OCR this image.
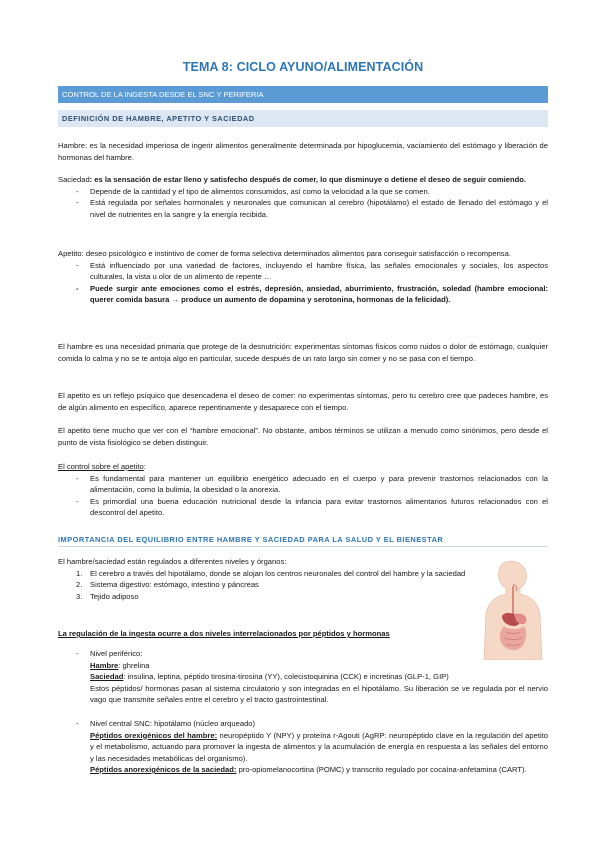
TEMA 8: CICLO AYUNO/ALIMENTACIÓN
CONTROL DE LA INGESTA DESDE EL SNC Y PERIFERIA
DEFINICIÓN DE HAMBRE, APETITO Y SACIEDAD
Hambre: es la necesidad imperiosa de ingerir alimentos generalmente determinada por hipoglucemia, vaciamiento del estómago y liberación de hormonas del hambre.
Saciedad: es la sensación de estar lleno y satisfecho después de comer, lo que disminuye o detiene el deseo de seguir comiendo.
- Depende de la cantidad y el tipo de alimentos consumidos, así como la velocidad a la que se comen.
- Está regulada por señales hormonales y neuronales que comunican al cerebro (hipotálamo) el estado de llenado del estómago y el nivel de nutrientes en la sangre y la energía recibida.
Apetito: deseo psicológico e instintivo de comer de forma selectiva determinados alimentos para conseguir satisfacción o recompensa.
- Está influenciado por una variedad de factores, incluyendo el hambre física, las señales emocionales y sociales, los aspectos culturales, la vista u olor de un alimento de repente …
- Puede surgir ante emociones como el estrés, depresión, ansiedad, aburrimiento, frustración, soledad (hambre emocional: querer comida basura → produce un aumento de dopamina y serotonina, hormonas de la felicidad).
El hambre es una necesidad primaria que protege de la desnutrición: experimentas síntomas físicos como ruidos o dolor de estómago, cualquier comida lo calma y no se te antoja algo en particular, sucede después de un rato largo sin comer y no se pasa con el tiempo.
El apetito es un reflejo psíquico que desencadena el deseo de comer: no experimentas síntomas, pero tu cerebro cree que padeces hambre, es de algún alimento en específico, aparece repentinamente y desaparece con el tiempo.
El apetito tiene mucho que ver con el “hambre emocional”. No obstante, ambos términos se utilizan a menudo como sinónimos, pero desde el punto de vista fisiológico se deben distinguir.
El control sobre el apetito:
- Es fundamental para mantener un equilibrio energético adecuado en el cuerpo y para prevenir trastornos relacionados con la alimentación, como la bulimia, la obesidad o la anorexia.
- Es primordial una buena educación nutricional desde la infancia para evitar trastornos alimentarios futuros relacionados con el descontrol del apetito.
IMPORTANCIA DEL EQUILIBRIO ENTRE HAMBRE Y SACIEDAD PARA LA SALUD Y EL BIENESTAR
El hambre/saciedad están regulados a diferentes niveles y órganos:
1. El cerebro a través del hipotálamo, donde se alojan los centros neuronales del control del hambre y la saciedad
2. Sistema digestivo: estómago, intestino y páncreas
3. Tejido adiposo
La regulación de la ingesta ocurre a dos niveles interrelacionados por péptidos y hormonas
- Nivel periférico:
Hambre: ghrelina
Saciedad: insulina, leptina, péptido tirosina-tirosina (YY), colecistoquinina (CCK) e incretinas (GLP-1, GIP)
Estos péptidos/ hormonas pasan al sistema circulatorio y son integradas en el hipotálamo. Su liberación se ve regulada por el nervio vago que transmite señales entre el cerebro y el tracto gastrointestinal.
- Nivel central SNC: hipotálamo (núcleo arqueado)
Péptidos orexigénicos del hambre: neuropéptido Y (NPY) y proteína r-Agouti (AgRP: neuropéptido clave en la regulación del apetito y el metabolismo, actuando para promover la ingesta de alimentos y la acumulación de energía en respuesta a las señales del entorno y las necesidades metabólicas del organismo).
Péptidos anorexigénicos de la saciedad: pro-opiomelanocortina (POMC) y transcrito regulado por cocaína-anfetamina (CART).
